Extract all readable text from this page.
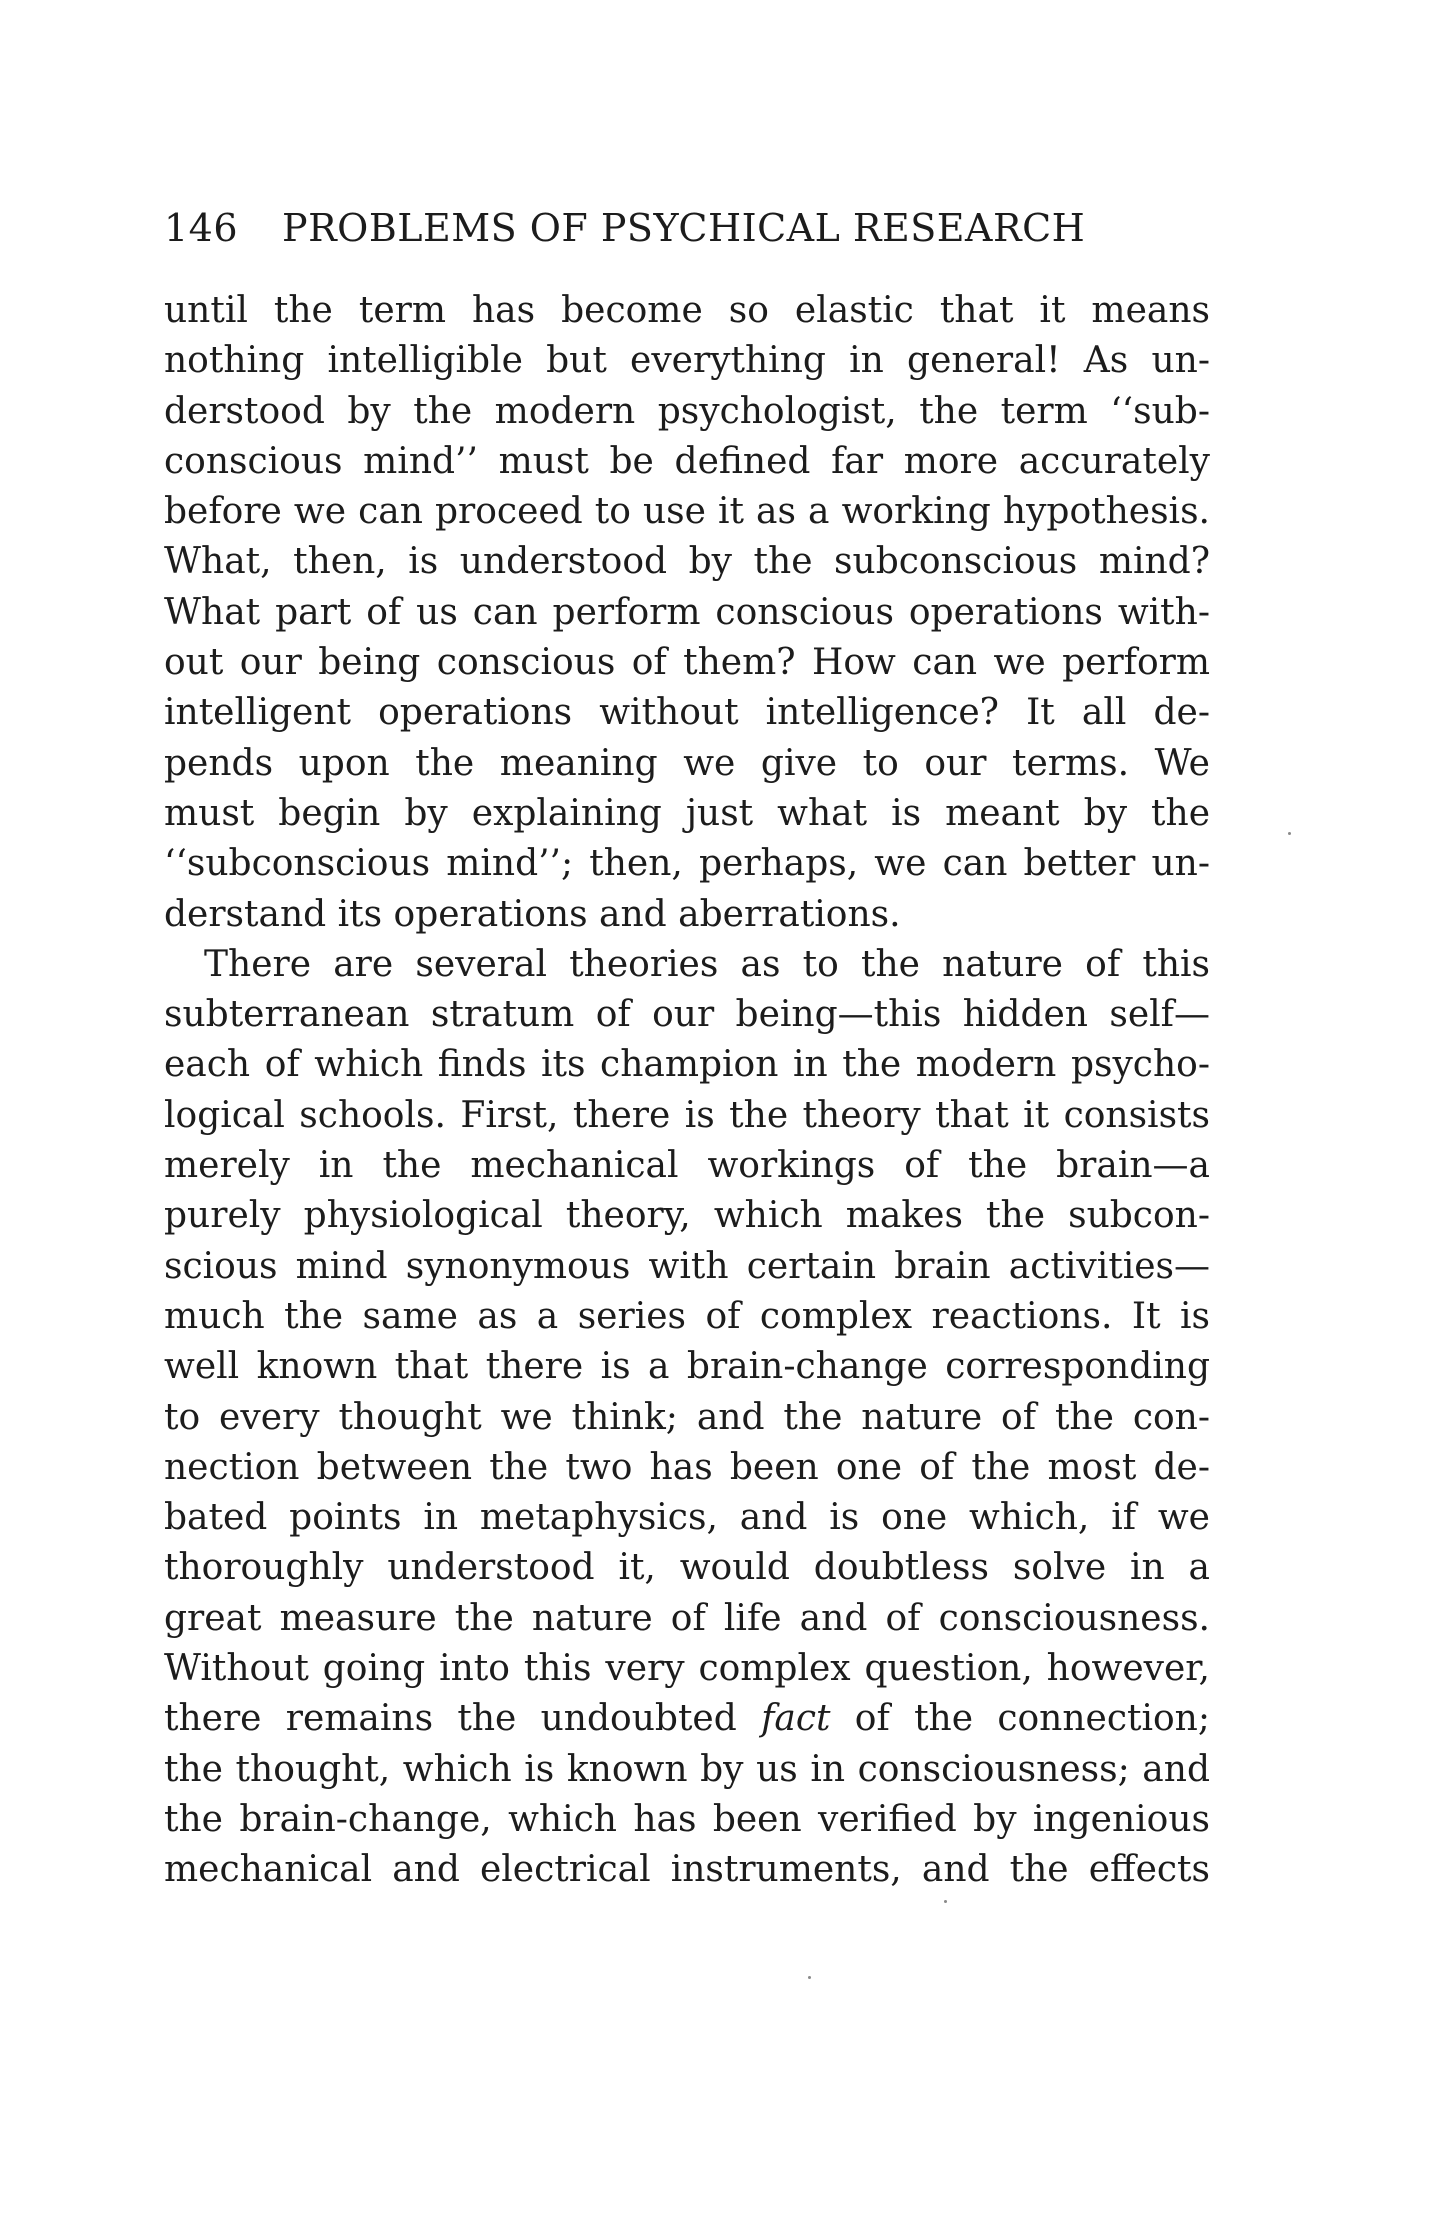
146 PROBLEMS OF PSYCHICAL RESEARCH
until the term has become so elastic that it means
nothing intelligible but everything in general! As un-
derstood by the modern psychologist, the term ‘‘sub-
conscious mind’’ must be defined far more accurately
before we can proceed to use it as a working hypothesis.
What, then, is understood by the subconscious mind?
What part of us can perform conscious operations with-
out our being conscious of them? How can we perform
intelligent operations without intelligence? It all de-
pends upon the meaning we give to our terms. We
must begin by explaining just what is meant by the
‘‘subconscious mind’’; then, perhaps, we can better un-
derstand its operations and aberrations.
There are several theories as to the nature of this
subterranean stratum of our being—this hidden self—
each of which finds its champion in the modern psycho-
logical schools. First, there is the theory that it consists
merely in the mechanical workings of the brain—a
purely physiological theory, which makes the subcon-
scious mind synonymous with certain brain activities—
much the same as a series of complex reactions. It is
well known that there is a brain-change corresponding
to every thought we think; and the nature of the con-
nection between the two has been one of the most de-
bated points in metaphysics, and is one which, if we
thoroughly understood it, would doubtless solve in a
great measure the nature of life and of consciousness.
Without going into this very complex question, however,
there remains the undoubted fact of the connection;
the thought, which is known by us in consciousness; and
the brain-change, which has been verified by ingenious
mechanical and electrical instruments, and the effects
